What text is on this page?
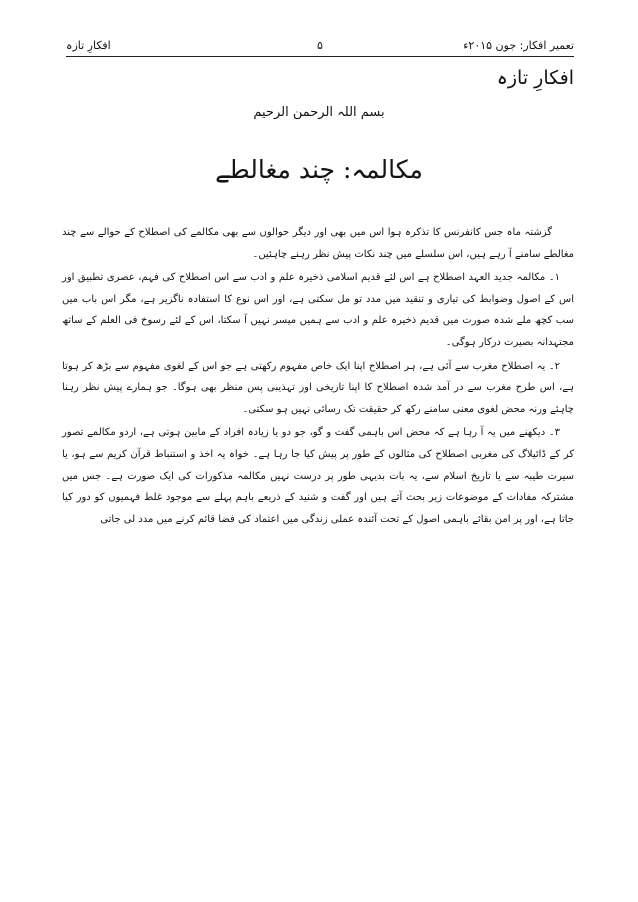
تعمیر افکار: جون ۲۰۱۵ء
۵
افکارِ تازہ
افکارِ تازہ
بسم اللہ الرحمن الرحیم
مکالمہ: چند مغالطے

گزشتہ ماہ جس کانفرنس کا تذکرہ ہوا اس میں بھی اور دیگر حوالوں سے بھی مکالمے کی اصطلاح کے حوالے سے چند مغالطے سامنے آ رہے ہیں، اس سلسلے میں چند نکات پیش نظر رہنے چاہئیں۔

۱۔ مکالمہ جدید العہد اصطلاح ہے اس لئے قدیم اسلامی ذخیرہ علم و ادب سے اس اصطلاح کی فہم، عصری تطبیق اور اس کے اصول وضوابط کی تیاری و تنقید میں مدد تو مل سکتی ہے، اور اس نوع کا استفادہ ناگزیر ہے، مگر اس باب میں سب کچھ ملے شدہ صورت میں قدیم ذخیرہ علم و ادب سے ہمیں میسر نہیں آ سکتا، اس کے لئے رسوخ فی العلم کے ساتھ مجتہدانہ بصیرت درکار ہوگی۔

۲۔ یہ اصطلاح مغرب سے آئی ہے، ہر اصطلاح اپنا ایک خاص مفہوم رکھتی ہے جو اس کے لغوی مفہوم سے بڑھ کر ہوتا ہے، اس طرح مغرب سے در آمد شدہ اصطلاح کا اپنا تاریخی اور تہذیبی پس منظر بھی ہوگا۔ جو ہمارے پیش نظر رہنا چاہئے ورنہ محض لغوی معنی سامنے رکھ کر حقیقت تک رسائی نہیں ہو سکتی۔

۳۔ دیکھنے میں یہ آ رہا ہے کہ محض اس باہمی گفت و گو، جو دو یا زیادہ افراد کے مابین ہوتی ہے، اردو مکالمے تصور کر کے ڈائیلاگ کی مغربی اصطلاح کی مثالوں کے طور پر پیش کیا جا رہا ہے۔ خواہ یہ اخذ و استنباط قرآن کریم سے ہو، یا سیرت طیبہ سے یا تاریخ اسلام سے، یہ بات بدیہی طور پر درست نہیں مکالمہ مذکورات کی ایک صورت ہے۔ جس میں مشترکہ مفادات کے موضوعات زیر بحث آتے ہیں اور گفت و شنید کے ذریعے باہم پہلے سے موجود غلط فہمیوں کو دور کیا جاتا ہے، اور پر امن بقائے باہمی اصول کے تحت آئندہ عملی زندگی میں اعتماد کی فضا قائم کرنے میں مدد لی جاتی
